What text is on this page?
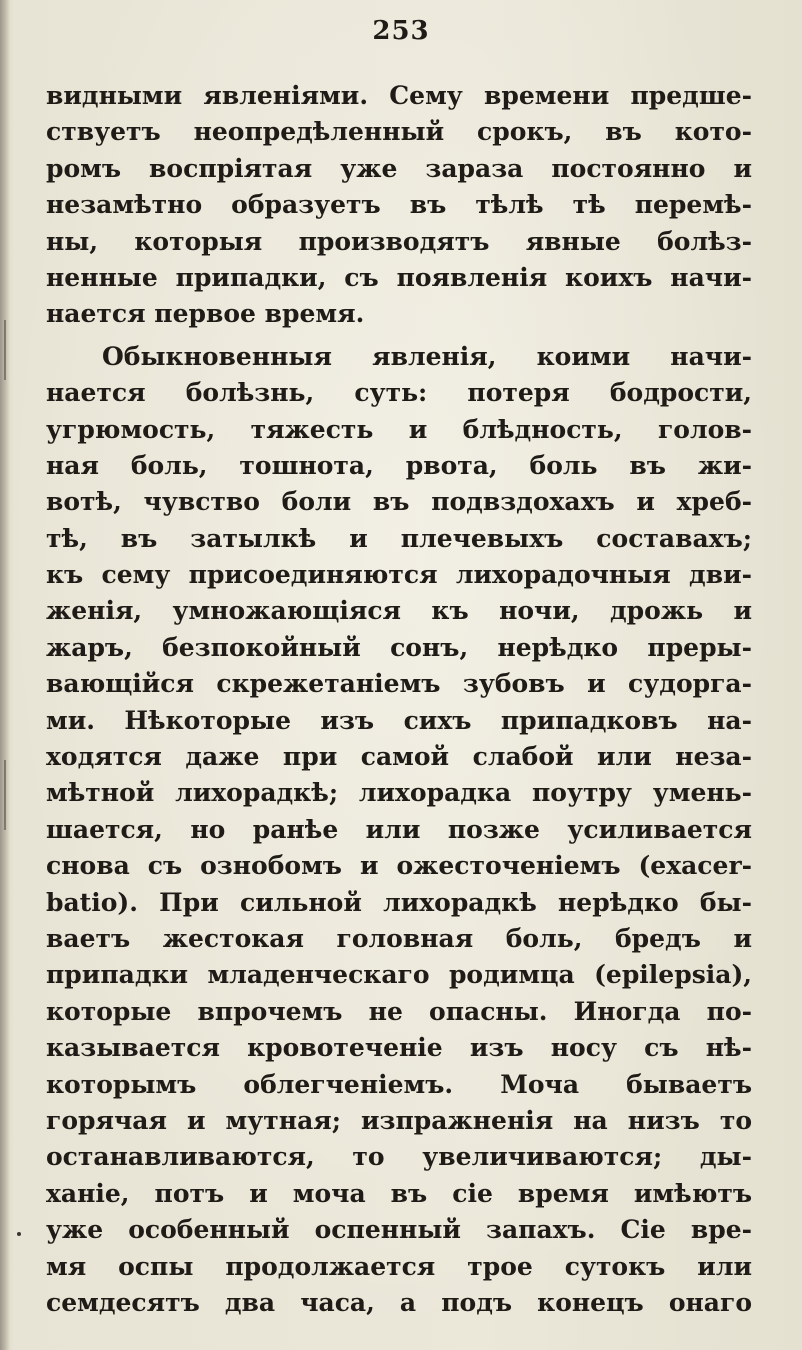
253
видными явленіями. Сему времени предше-
ствуетъ неопредѣленный срокъ, въ кото-
ромъ воспріятая уже зараза постоянно и
незамѣтно образуетъ въ тѣлѣ тѣ перемѣ-
ны, которыя производятъ явные болѣз-
ненные припадки, съ появленія коихъ начи-
нается первое время.
Обыкновенныя явленія, коими начи-
нается болѣзнь, суть: потеря бодрости,
угрюмость, тяжесть и блѣдность, голов-
ная боль, тошнота, рвота, боль въ жи-
вотѣ, чувство боли въ подвздохахъ и хреб-
тѣ, въ затылкѣ и плечевыхъ составахъ;
къ сему присоединяются лихорадочныя дви-
женія, умножающіяся къ ночи, дрожь и
жаръ, безпокойный сонъ, нерѣдко преры-
вающійся скрежетаніемъ зубовъ и судорга-
ми. Нѣкоторые изъ сихъ припадковъ на-
ходятся даже при самой слабой или неза-
мѣтной лихорадкѣ; лихорадка поутру умень-
шается, но ранѣе или позже усиливается
снова съ ознобомъ и ожесточеніемъ (exacer-
batio). При сильной лихорадкѣ нерѣдко бы-
ваетъ жестокая головная боль, бредъ и
припадки младенческаго родимца (epilepsia),
которые впрочемъ не опасны. Иногда по-
казывается кровотеченіе изъ носу съ нѣ-
которымъ облегченіемъ. Моча бываетъ
горячая и мутная; изпражненія на низъ то
останавливаются, то увеличиваются; ды-
ханіе, потъ и моча въ сіе время имѣютъ
уже особенный оспенный запахъ. Сіе вре-
мя оспы продолжается трое сутокъ или
семдесятъ два часа, а подъ конецъ онаго
